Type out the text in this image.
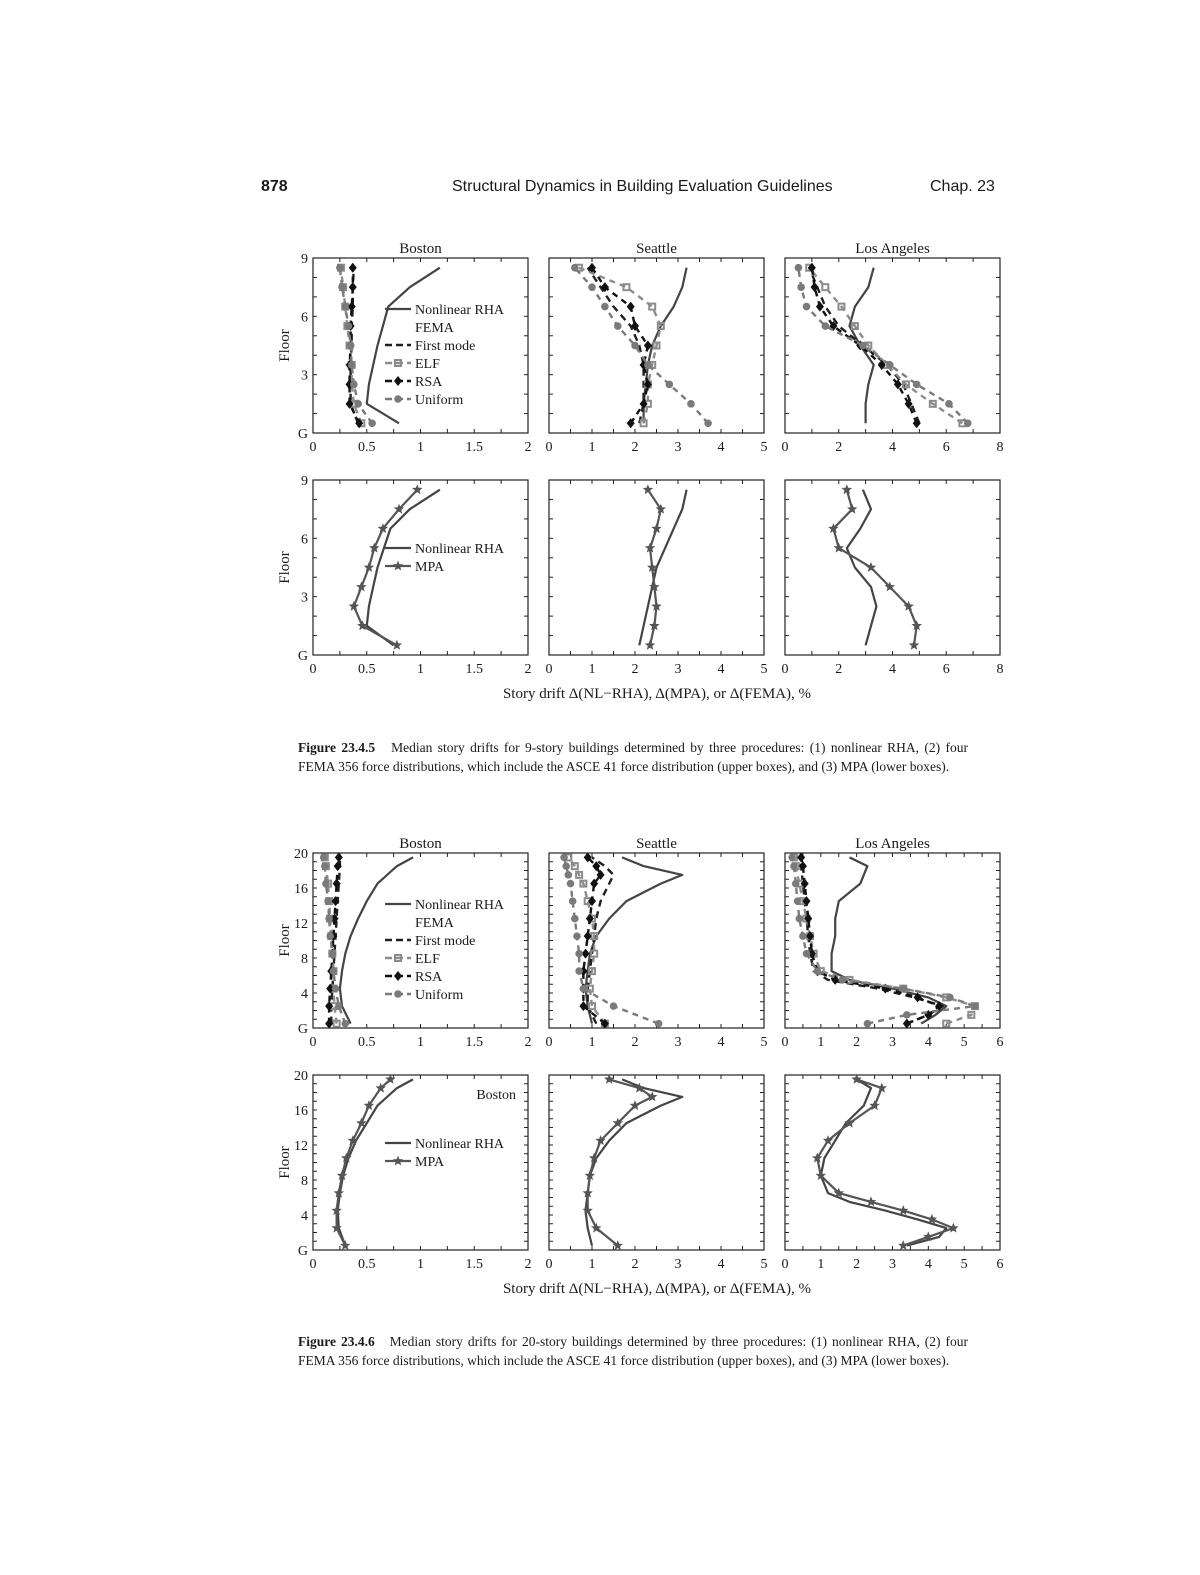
878	Structural Dynamics in Building Evaluation Guidelines	Chap. 23
0	0.5	1	1.5	2
G
3
6
9
Nonlinear RHA
FEMA
First mode
ELF
RSA
Uniform
Boston
0	1	2	3	4	5
Seattle
0	2	4	6	8
Los Angeles
0	0.5	1	1.5	2
G
3
6
9
Nonlinear RHA
MPA
0	1	2	3	4	5 0	2	4	6	8
Floor
Floor
Story drift Δ(NL−RHA), Δ(MPA), or Δ(FEMA), %
Figure 23.4.5 Median story drifts for 9-story buildings determined by three procedures: (1) nonlinear RHA, (2) four FEMA 356 force distributions, which include the ASCE 41 force distribution (upper boxes), and (3) MPA (lower boxes).
0	0.5	1	1.5	2
G
4
8
12
16
20
Nonlinear RHA
FEMA
First mode
ELF
RSA
Uniform
Boston
0	1	2	3	4	5
Seattle
0 1 2 3 4 5 6
Los Angeles
0	0.5	1	1.5	2
G
4
8
12
16
20
Nonlinear RHA
MPA
Boston
0	1	2	3	4	5 0 1 2 3 4 5 6
Floor
Floor
Story drift Δ(NL−RHA), Δ(MPA), or Δ(FEMA), %
Figure 23.4.6 Median story drifts for 20-story buildings determined by three procedures: (1) nonlinear RHA, (2) four FEMA 356 force distributions, which include the ASCE 41 force distribution (upper boxes), and (3) MPA (lower boxes).
